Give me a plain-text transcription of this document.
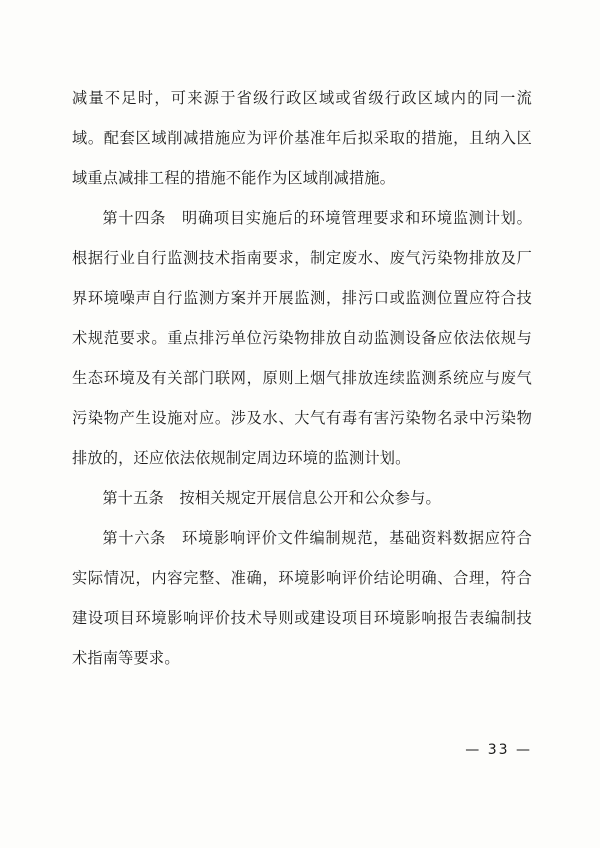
减量不足时，可来源于省级行政区域或省级行政区域内的同一流域。配套区域削减措施应为评价基准年后拟采取的措施，且纳入区域重点减排工程的措施不能作为区域削减措施。

第十四条　明确项目实施后的环境管理要求和环境监测计划。根据行业自行监测技术指南要求，制定废水、废气污染物排放及厂界环境噪声自行监测方案并开展监测，排污口或监测位置应符合技术规范要求。重点排污单位污染物排放自动监测设备应依法依规与生态环境及有关部门联网，原则上烟气排放连续监测系统应与废气污染物产生设施对应。涉及水、大气有毒有害污染物名录中污染物排放的，还应依法依规制定周边环境的监测计划。

第十五条　按相关规定开展信息公开和公众参与。

第十六条　环境影响评价文件编制规范，基础资料数据应符合实际情况，内容完整、准确，环境影响评价结论明确、合理，符合建设项目环境影响评价技术导则或建设项目环境影响报告表编制技术指南等要求。

— 33 —
